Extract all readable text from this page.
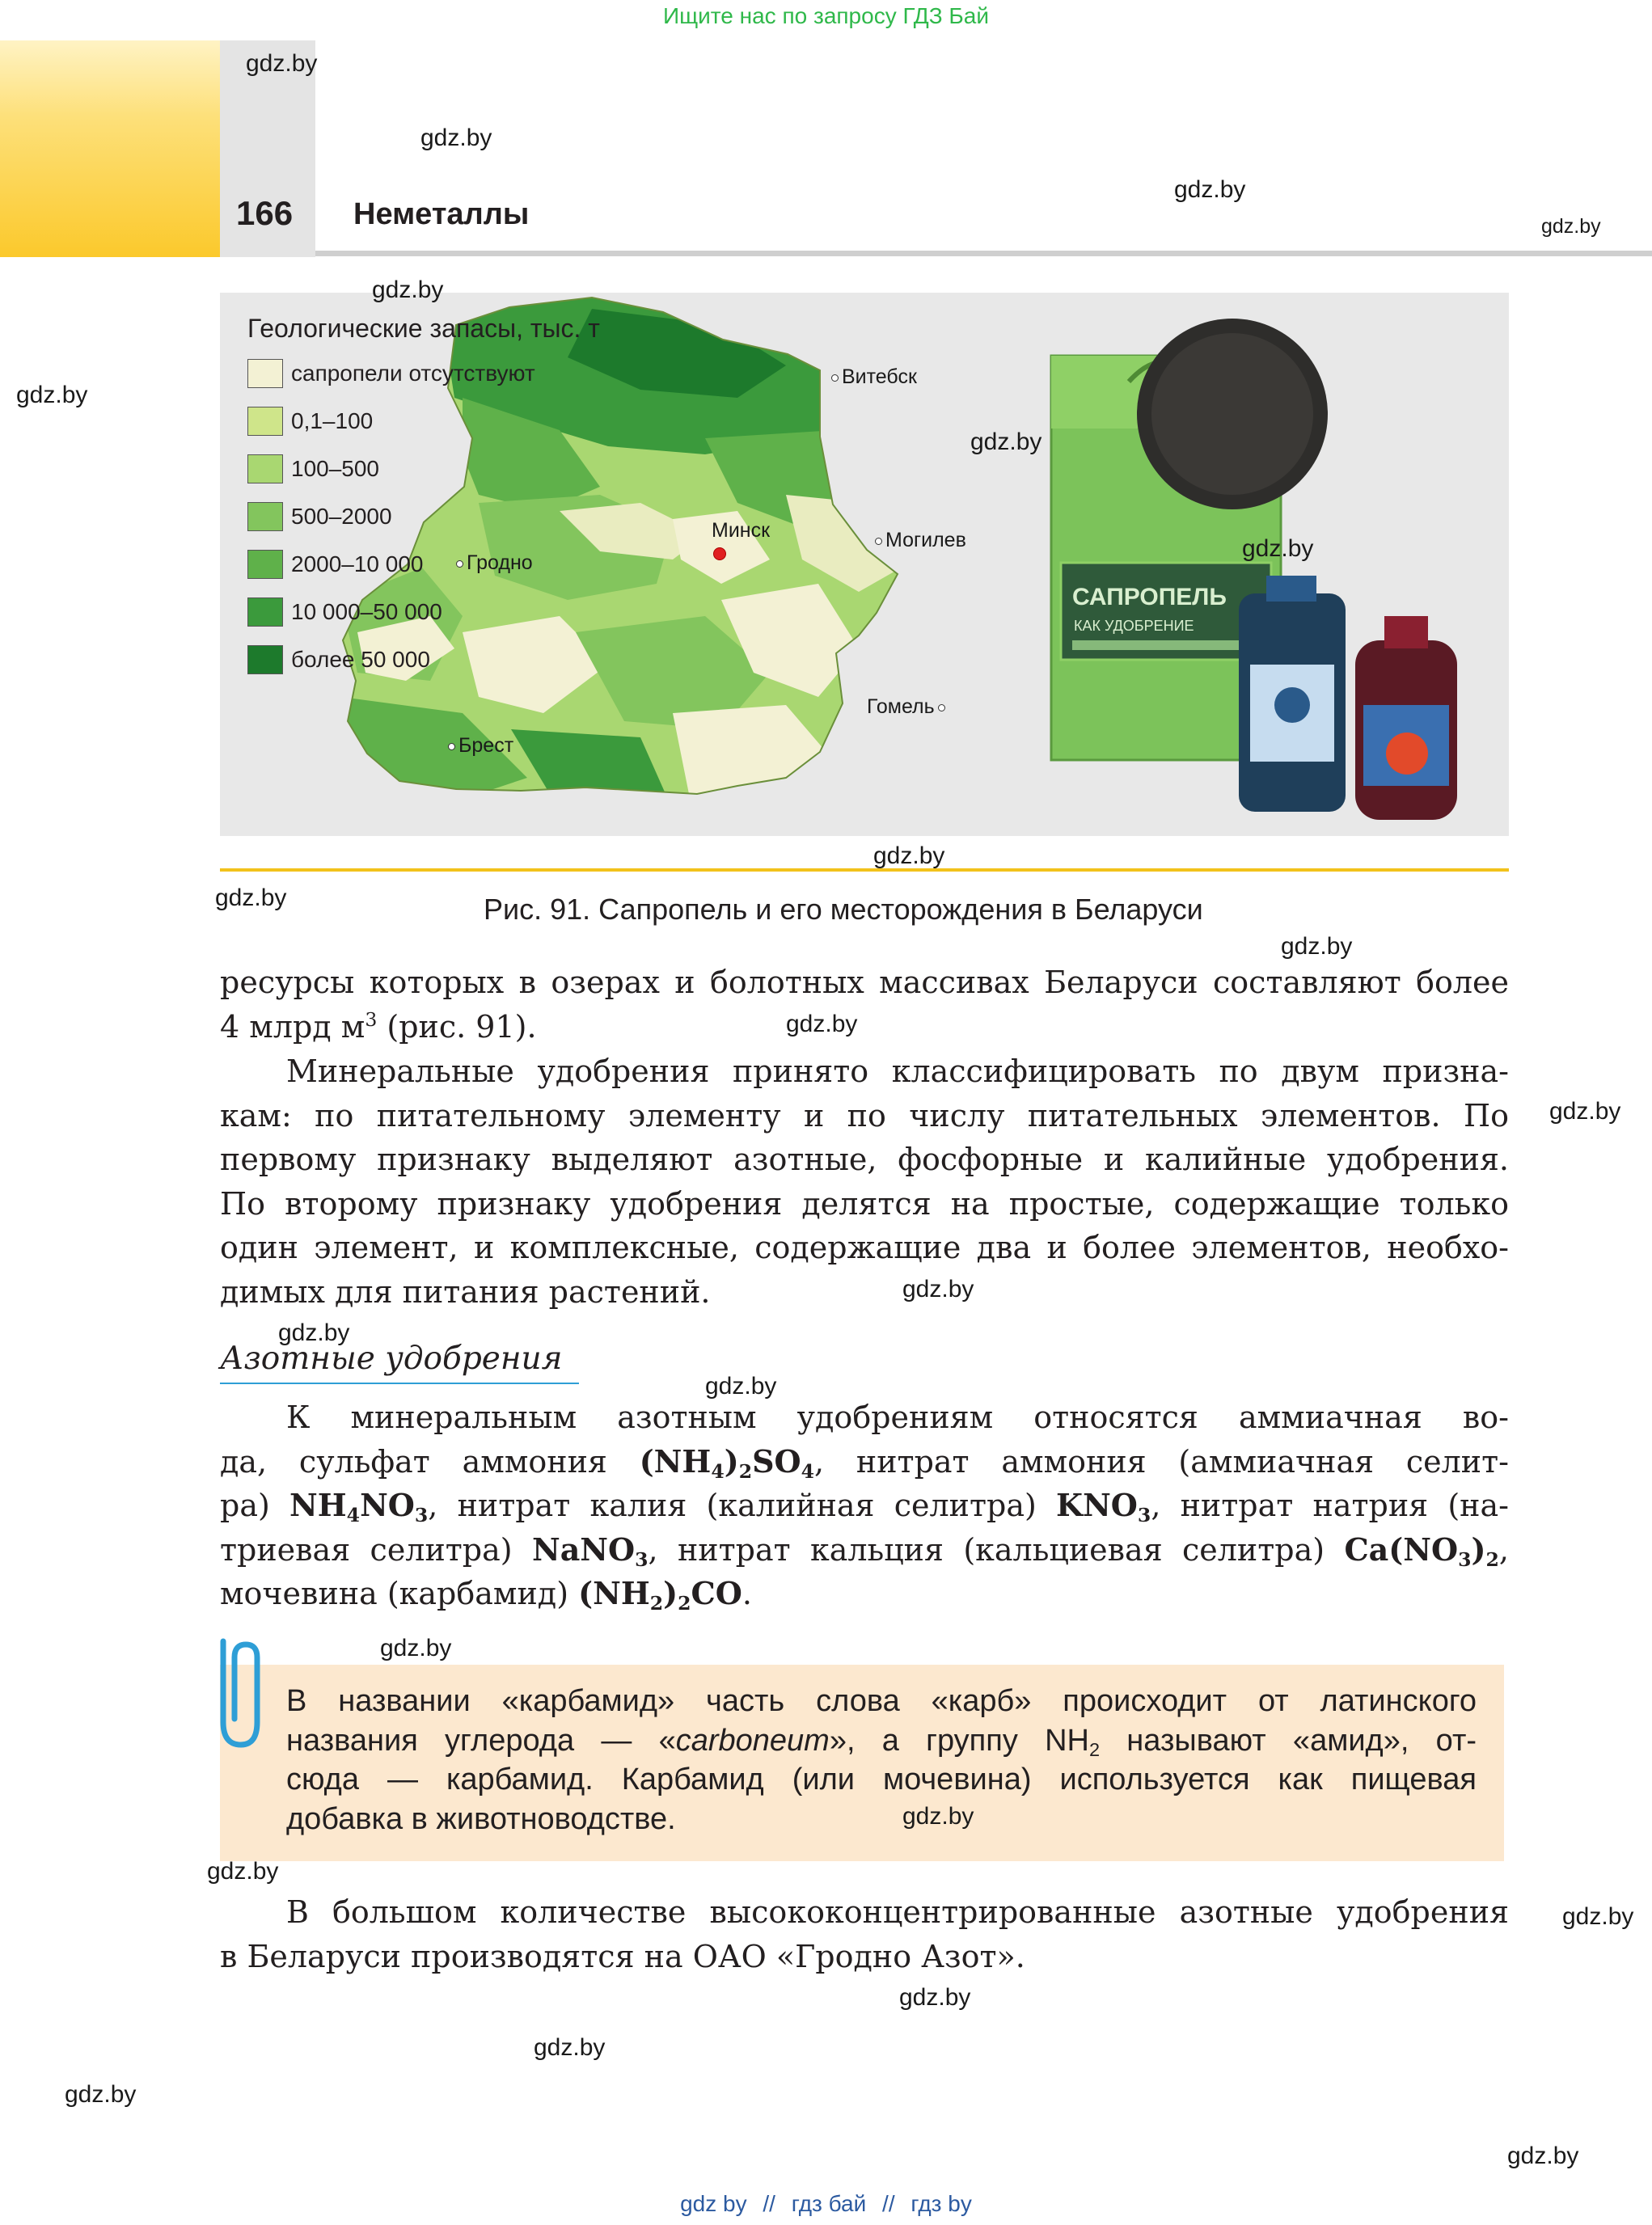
Ищите нас по запросу ГДЗ Бай
166 Неметаллы
Геологические запасы, тыс. т
сапропели отсутствуют
0,1–100
100–500
500–2000
2000–10 000
10 000–50 000
более 50 000
Витебск
Минск	Могилев
Гродно
Гомель
Брест
САПРОПЕЛЬ
КАК УДОБРЕНИЕ
Рис. 91. Сапропель и его месторождения в Беларуси
ресурсы которых в озерах и болотных массивах Беларуси составляют более
4 млрд $м^3$ (рис. 91).
Минеральные удобрения принято классифицировать по двум призна-
кам: по питательному элементу и по числу питательных элементов. По
первому признаку выделяют азотные, фосфорные и калийные удобрения.
По второму признаку удобрения делятся на простые, содержащие только
один элемент, и комплексные, содержащие два и более элементов, необхо-
димых для питания растений.
Азотные удобрения
К минеральным азотным удобрениям относятся аммиачная во-
да, сульфат аммония $(NH_4)_2SO_4$, нитрат аммония (аммиачная селит-
ра) $NH_4NO_3$, нитрат калия (калийная селитра) $KNO_3$, нитрат натрия (на-
триевая селитра) NaNO$_3$, нитрат кальция (кальциевая селитра) $Ca(NO_3)_2$,
мочевина (карбамид) $(NH_2)_2CO$.
В названии «карбамид» часть слова «карб» происходит от латинского
названия углерода — «carboneum», а группу $NH_2$ называют «амид», от-
сюда — карбамид. Карбамид (или мочевина) используется как пищевая
добавка в животноводстве.
В большом количестве высококонцентрированные азотные удобрения
в Беларуси производятся на ОАО «Гродно Азот».
gdz.by
gdz.by
gdz.by
gdz.by
gdz.by
gdz.by
gdz.by
gdz.by
gdz.by
gdz.by
gdz.by
gdz.by
gdz.by
gdz.by
gdz.by
gdz.by
gdz.by
gdz.by
gdz.by
gdz.by
gdz.by
gdz.by
gdz.by
gdz.by
gdz by // гдз бай // гдз by
